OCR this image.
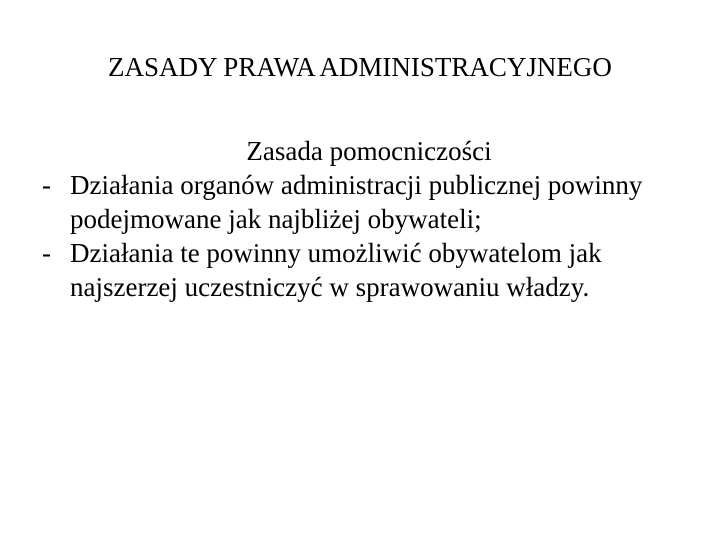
ZASADY PRAWA ADMINISTRACYJNEGO
Zasada pomocniczości
- Działania organów administracji publicznej powinny podejmowane jak najbliżej obywateli;
- Działania te powinny umożliwić obywatelom jak najszerzej uczestniczyć w sprawowaniu władzy.
